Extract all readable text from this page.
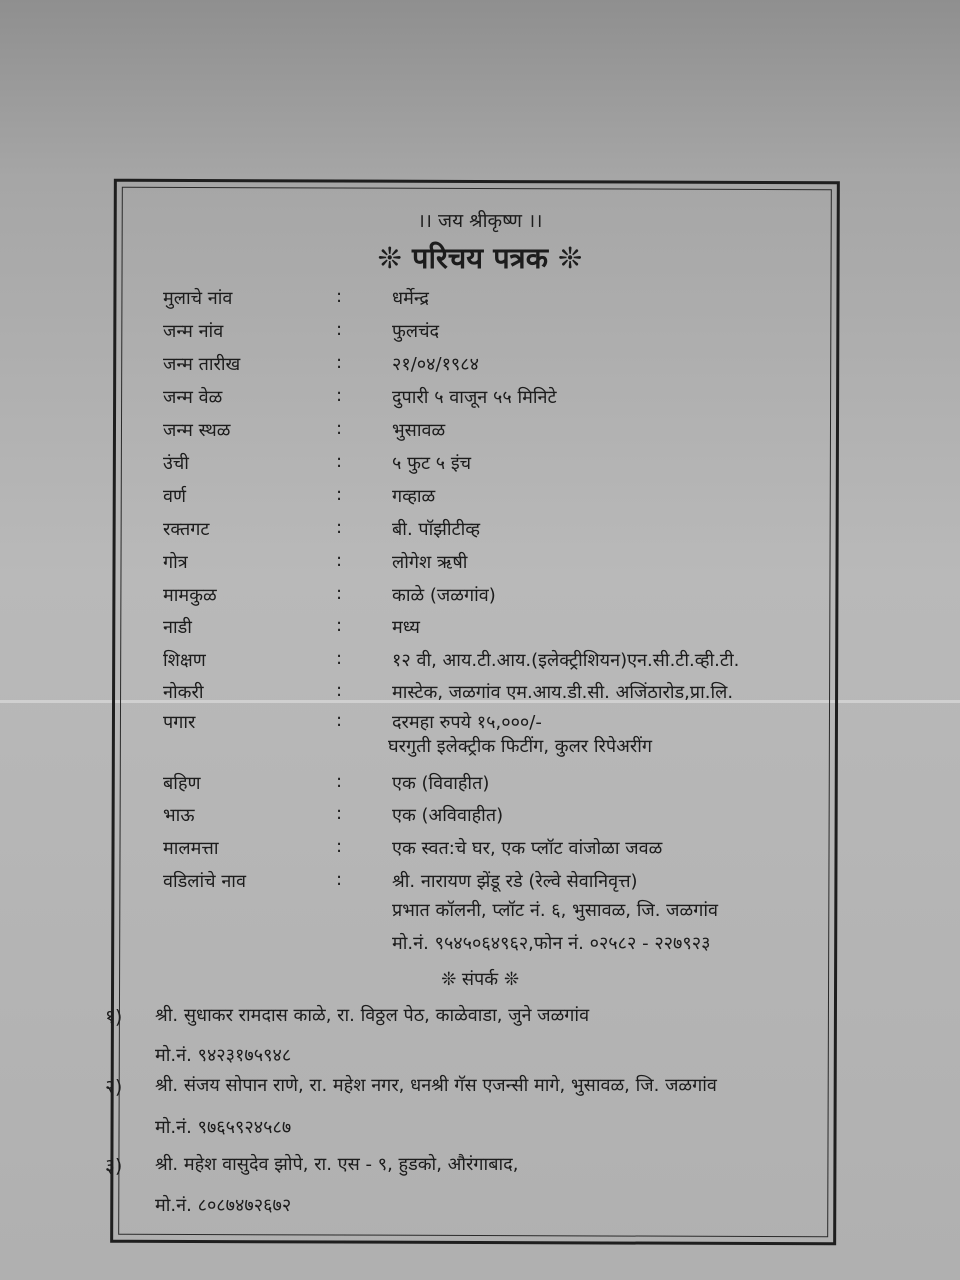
।। जय श्रीकृष्ण ।।
❊ परिचय पत्रक ❊
मुलाचे नांव	:	धर्मेन्द्र
जन्म नांव	:	फुलचंद
जन्म तारीख	:	२१/०४/१९८४
जन्म वेळ	:	दुपारी ५ वाजून ५५ मिनिटे
जन्म स्थळ	:	भुसावळ
उंची	:	५ फुट ५ इंच
वर्ण	:	गव्हाळ
रक्तगट	:	बी. पॉझीटीव्ह
गोत्र	:	लोगेश ऋषी
मामकुळ	:	काळे (जळगांव)
नाडी	:	मध्य
शिक्षण	:	१२ वी, आय.टी.आय.(इलेक्ट्रीशियन)एन.सी.टी.व्ही.टी.
नोकरी	:	मास्टेक, जळगांव एम.आय.डी.सी. अजिंठारोड,प्रा.लि.
पगार	:	दरमहा रुपये १५,०००/-
बहिण	:	एक (विवाहीत)
भाऊ	:	एक (अविवाहीत)
मालमत्ता	:	एक स्वत:चे घर, एक प्लॉट वांजोळा जवळ
वडिलांचे नाव	:	श्री. नारायण झेंडू रडे (रेल्वे सेवानिवृत्त)
घरगुती इलेक्ट्रीक फिटींग, कुलर रिपेअरींग
प्रभात कॉलनी, प्लॉट नं. ६, भुसावळ, जि. जळगांव
मो.नं. ९५४५०६४९६२,फोन नं. ०२५८२ - २२७९२३
❊ संपर्क ❊
१) श्री. सुधाकर रामदास काळे, रा. विठ्ठल पेठ, काळेवाडा, जुने जळगांव
मो.नं. ९४२३१७५९४८
२) श्री. संजय सोपान राणे, रा. महेश नगर, धनश्री गॅस एजन्सी मागे, भुसावळ, जि. जळगांव
मो.नं. ९७६५९२४५८७
३) श्री. महेश वासुदेव झोपे, रा. एस - ९, हुडको, औरंगाबाद,
मो.नं. ८०८७४७२६७२
